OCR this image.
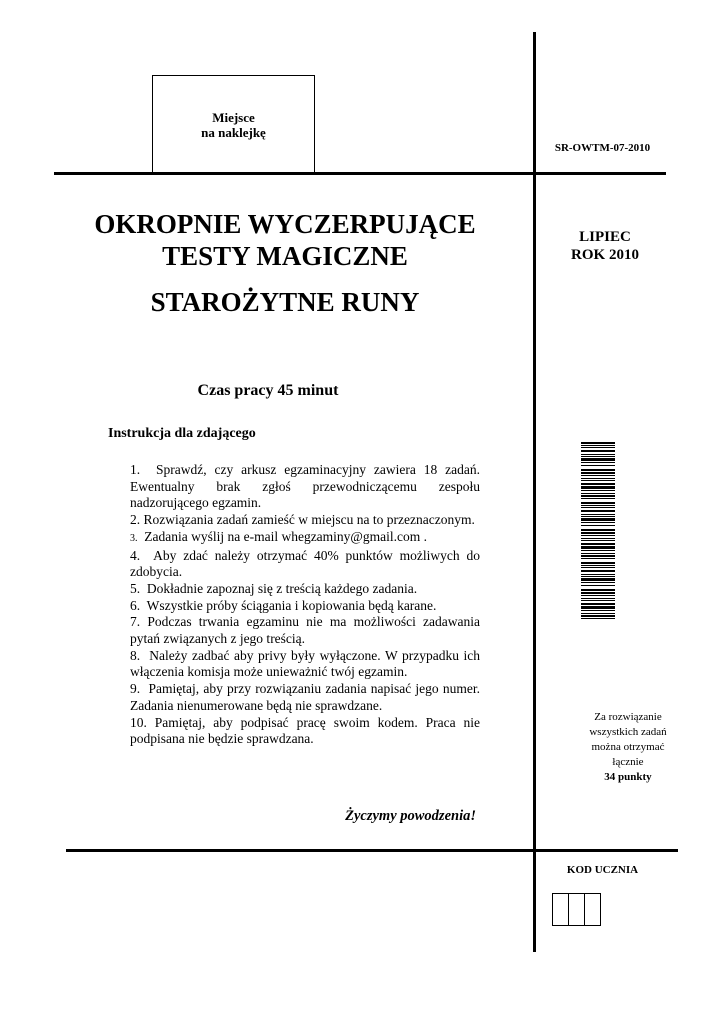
Miejsce
na naklejkę
SR-OWTM-07-2010
OKROPNIE WYCZERPUJĄCE
TESTY MAGICZNE
STAROŻYTNE RUNY
LIPIEC
ROK 2010
Czas pracy 45 minut
Instrukcja dla zdającego
1. Sprawdź, czy arkusz egzaminacyjny zawiera 18 zadań. Ewentualny brak zgłoś przewodniczącemu zespołu nadzorującego egzamin.
2. Rozwiązania zadań zamieść w miejscu na to przeznaczonym.
3. Zadania wyślij na e-mail whegzaminy@gmail.com .
4. Aby zdać należy otrzymać 40% punktów możliwych do zdobycia.
5. Dokładnie zapoznaj się z treścią każdego zadania.
6. Wszystkie próby ściągania i kopiowania będą karane.
7. Podczas trwania egzaminu nie ma możliwości zadawania pytań związanych z jego treścią.
8. Należy zadbać aby privy były wyłączone. W przypadku ich włączenia komisja może unieważnić twój egzamin.
9. Pamiętaj, aby przy rozwiązaniu zadania napisać jego numer. Zadania nienumerowane będą nie sprawdzane.
10. Pamiętaj, aby podpisać pracę swoim kodem. Praca nie podpisana nie będzie sprawdzana.
Życzymy powodzenia!
Za rozwiązanie
wszystkich zadań
można otrzymać
łącznie
34 punkty
KOD UCZNIA
